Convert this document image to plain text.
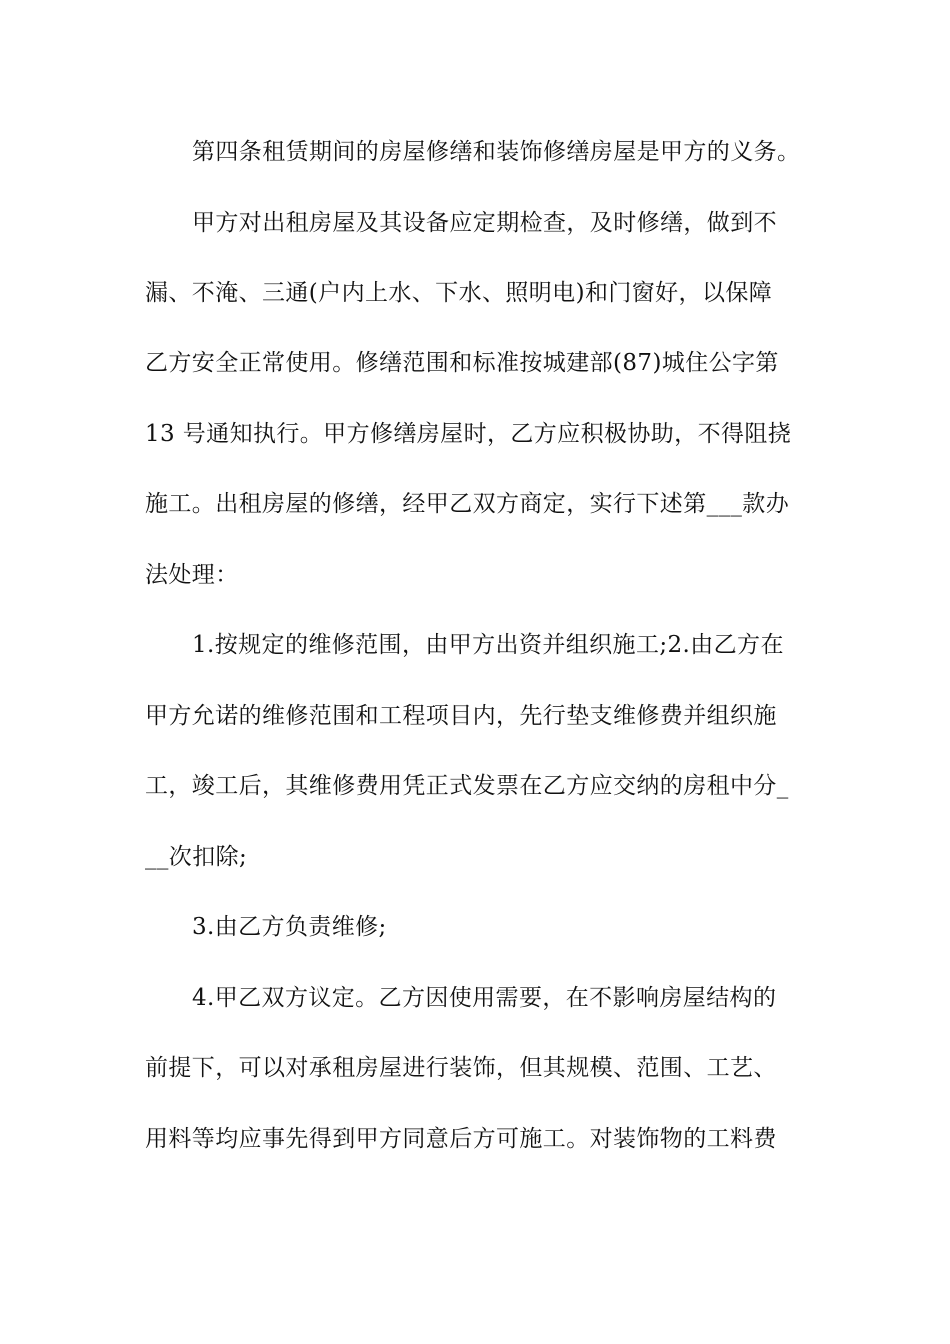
第四条租赁期间的房屋修缮和装饰修缮房屋是甲方的义务。
甲方对出租房屋及其设备应定期检查，及时修缮，做到不
漏、不淹、三通(户内上水、下水、照明电)和门窗好，以保障
乙方安全正常使用。修缮范围和标准按城建部(87)城住公字第
13 号通知执行。甲方修缮房屋时，乙方应积极协助，不得阻挠
施工。出租房屋的修缮，经甲乙双方商定，实行下述第___款办
法处理：
1.按规定的维修范围，由甲方出资并组织施工;2.由乙方在
甲方允诺的维修范围和工程项目内，先行垫支维修费并组织施
工，竣工后，其维修费用凭正式发票在乙方应交纳的房租中分_
__次扣除;
3.由乙方负责维修;
4.甲乙双方议定。乙方因使用需要，在不影响房屋结构的
前提下，可以对承租房屋进行装饰，但其规模、范围、工艺、
用料等均应事先得到甲方同意后方可施工。对装饰物的工料费
